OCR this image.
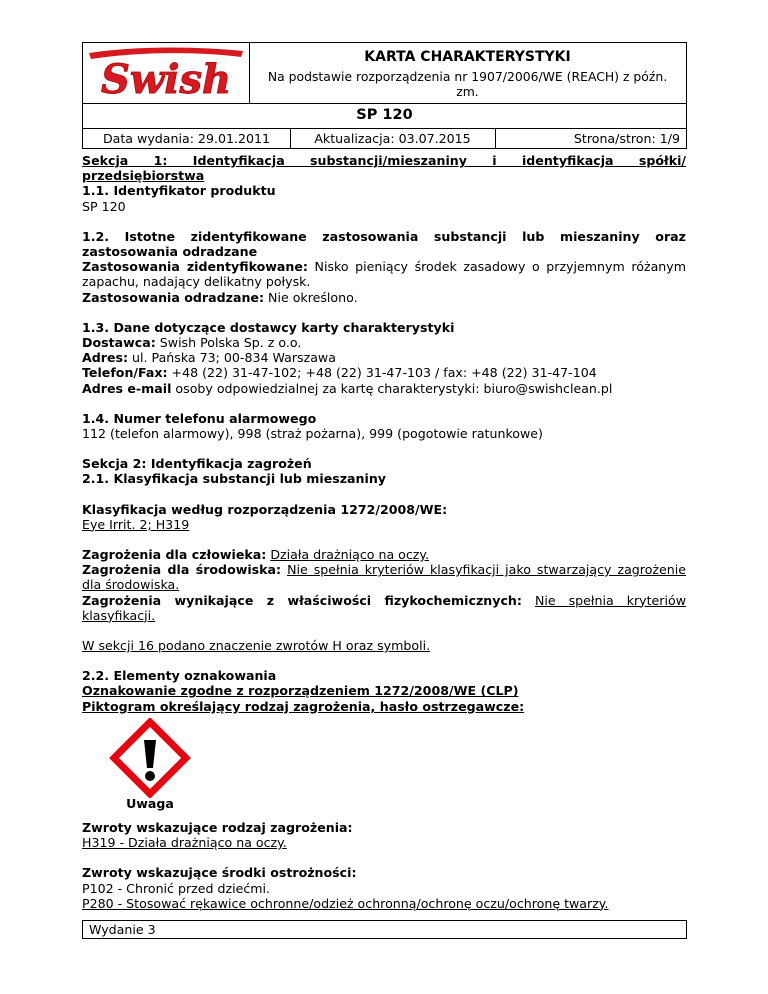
Swish	KARTA CHARAKTERYSTYKI
Na podstawie rozporządzenia nr 1907/2006/WE (REACH) z późn. zm.
SP 120
Data wydania: 29.01.2011	Aktualizacja: 03.07.2015	Strona/stron: 1/9

Sekcja 1: Identyfikacja substancji/mieszaniny i identyfikacja spółki/ przedsiębiorstwa

1.1. Identyfikator produktu

SP 120

1.2. Istotne zidentyfikowane zastosowania substancji lub mieszaniny oraz zastosowania odradzane

Zastosowania zidentyfikowane: Nisko pieniący środek zasadowy o przyjemnym różanym zapachu, nadający delikatny połysk.

Zastosowania odradzane: Nie określono.

1.3. Dane dotyczące dostawcy karty charakterystyki

Dostawca: Swish Polska Sp. z o.o.

Adres: ul. Pańska 73; 00-834 Warszawa

Telefon/Fax: +48 (22) 31-47-102; +48 (22) 31-47-103 / fax: +48 (22) 31-47-104

Adres e-mail osoby odpowiedzialnej za kartę charakterystyki: biuro@swishclean.pl

1.4. Numer telefonu alarmowego

112 (telefon alarmowy), 998 (straż pożarna), 999 (pogotowie ratunkowe)

Sekcja 2: Identyfikacja zagrożeń

2.1. Klasyfikacja substancji lub mieszaniny

Klasyfikacja według rozporządzenia 1272/2008/WE:

Eye Irrit. 2; H319

Zagrożenia dla człowieka: Działa drażniąco na oczy.

Zagrożenia dla środowiska: Nie spełnia kryteriów klasyfikacji jako stwarzający zagrożenie dla środowiska.

Zagrożenia wynikające z właściwości fizykochemicznych: Nie spełnia kryteriów klasyfikacji.

W sekcji 16 podano znaczenie zwrotów H oraz symboli.

2.2. Elementy oznakowania

Oznakowanie zgodne z rozporządzeniem 1272/2008/WE (CLP)

Piktogram określający rodzaj zagrożenia, hasło ostrzegawcze:

Uwaga

Zwroty wskazujące rodzaj zagrożenia:

H319 - Działa drażniąco na oczy.

Zwroty wskazujące środki ostrożności:

P102 - Chronić przed dziećmi.

P280 - Stosować rękawice ochronne/odzież ochronną/ochronę oczu/ochronę twarzy.

Wydanie 3
